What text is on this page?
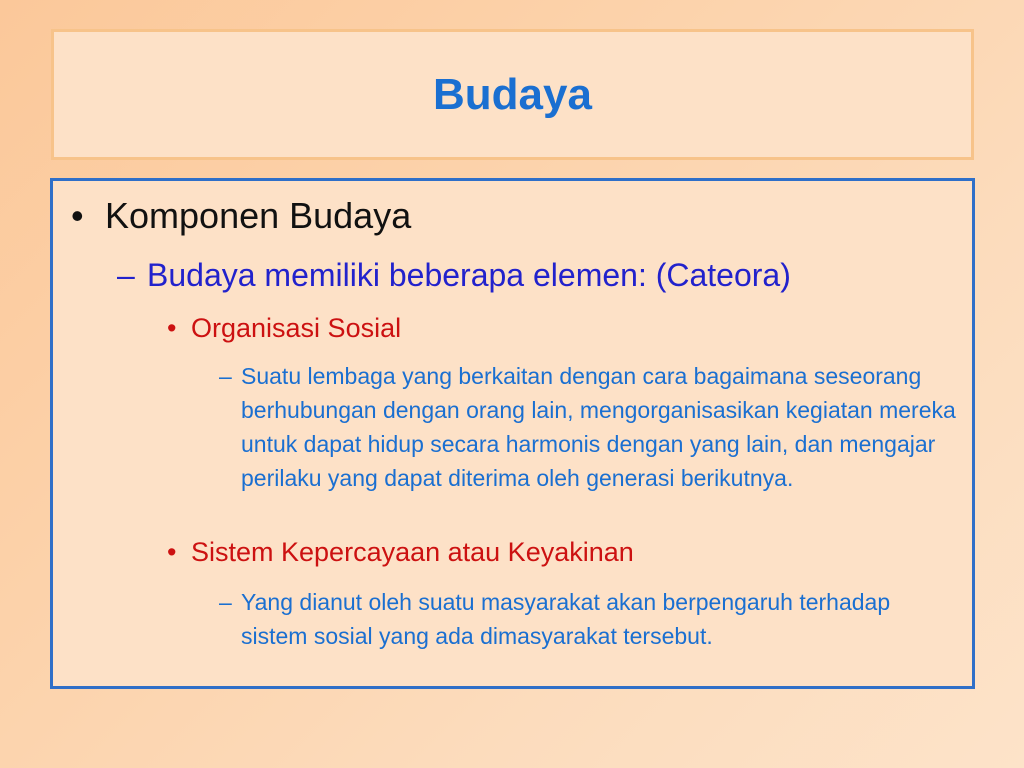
Budaya
• Komponen Budaya
– Budaya memiliki beberapa elemen: (Cateora)
• Organisasi Sosial
– Suatu lembaga yang berkaitan dengan cara bagaimana seseorang berhubungan dengan orang lain, mengorganisasikan kegiatan mereka untuk dapat hidup secara harmonis dengan yang lain, dan mengajar perilaku yang dapat diterima oleh generasi berikutnya.
• Sistem Kepercayaan atau Keyakinan
– Yang dianut oleh suatu masyarakat akan berpengaruh terhadap sistem sosial yang ada dimasyarakat tersebut.
